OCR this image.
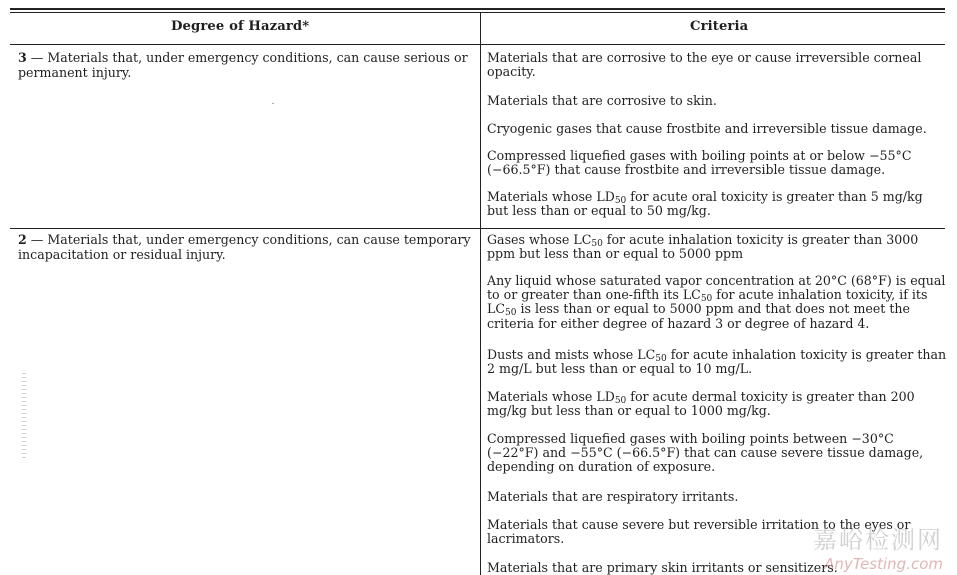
Degree of Hazard*	Criteria
3 — Materials that, under emergency conditions, can cause serious or permanent injury.
Materials that are corrosive to the eye or cause irreversible corneal opacity.
Materials that are corrosive to skin.
Cryogenic gases that cause frostbite and irreversible tissue damage.
Compressed liquefied gases with boiling points at or below −55°C (−66.5°F) that cause frostbite and irreversible tissue damage.
Materials whose $LD_{50}$ for acute oral toxicity is greater than 5 mg/kg but less than or equal to 50 mg/kg.
2 — Materials that, under emergency conditions, can cause temporary incapacitation or residual injury.
Gases whose $LC_{50}$ for acute inhalation toxicity is greater than 3000 ppm but less than or equal to 5000 ppm
Any liquid whose saturated vapor concentration at 20°C (68°F) is equal to or greater than one-fifth its $LC_{50}$ for acute inhalation toxicity, if its $LC_{50}$ is less than or equal to 5000 ppm and that does not meet the criteria for either degree of hazard 3 or degree of hazard 4.
Dusts and mists whose $LC_{50}$ for acute inhalation toxicity is greater than 2 mg/L but less than or equal to 10 mg/L.
Materials whose $LD_{50}$ for acute dermal toxicity is greater than 200 mg/kg but less than or equal to 1000 mg/kg.
Compressed liquefied gases with boiling points between −30°C (−22°F) and −55°C (−66.5°F) that can cause severe tissue damage, depending on duration of exposure.
Materials that are respiratory irritants.
Materials that cause severe but reversible irritation to the eyes or lacrimators.
Materials that are primary skin irritants or sensitizers.
嘉峪检测网
AnyTesting.com
